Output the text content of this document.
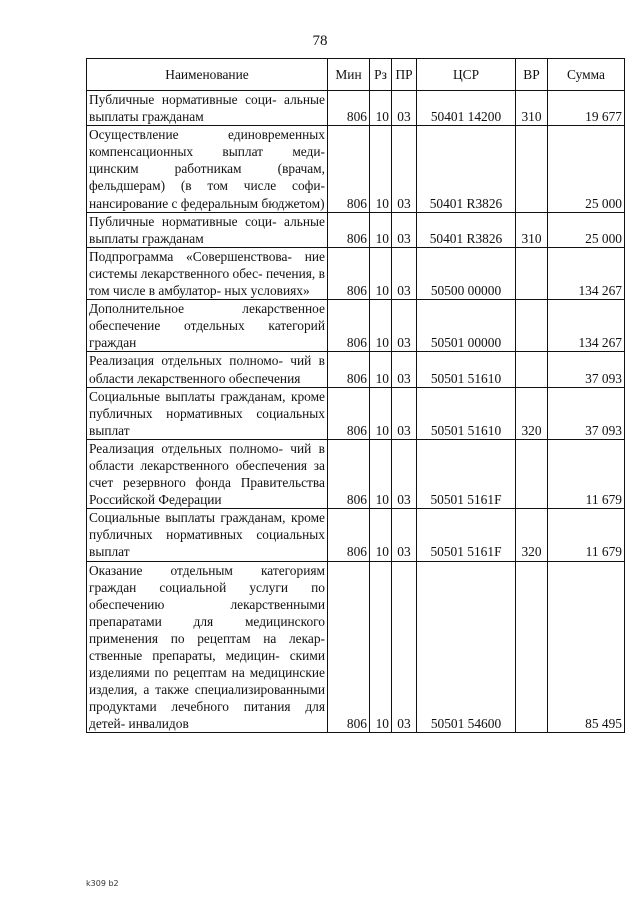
78
Наименование	Мин	Рз	ПР	ЦСР	ВР	Сумма
Публичные нормативные соци- альные выплаты гражданам	806	10	03	50401 14200	310	19 677
Осуществление единовременных компенсационных выплат меди- цинским работникам (врачам, фельдшерам) (в том числе софи- нансирование с федеральным бюджетом)	806	10	03	50401 R3826		25 000
Публичные нормативные соци- альные выплаты гражданам	806	10	03	50401 R3826	310	25 000
Подпрограмма «Совершенствова- ние системы лекарственного обес- печения, в том числе в амбулатор- ных условиях»	806	10	03	50500 00000		134 267
Дополнительное лекарственное обеспечение отдельных категорий граждан	806	10	03	50501 00000		134 267
Реализация отдельных полномо- чий в области лекарственного обеспечения	806	10	03	50501 51610		37 093
Социальные выплаты гражданам, кроме публичных нормативных социальных выплат	806	10	03	50501 51610	320	37 093
Реализация отдельных полномо- чий в области лекарственного обеспечения за счет резервного фонда Правительства Российской Федерации	806	10	03	50501 5161F		11 679
Социальные выплаты гражданам, кроме публичных нормативных социальных выплат	806	10	03	50501 5161F	320	11 679
Оказание отдельным категориям граждан социальной услуги по обеспечению лекарственными препаратами для медицинского применения по рецептам на лекар- ственные препараты, медицин- скими изделиями по рецептам на медицинские изделия, а также специализированными продуктами лечебного питания для детей- инвалидов	806	10	03	50501 54600		85 495
k309 b2
